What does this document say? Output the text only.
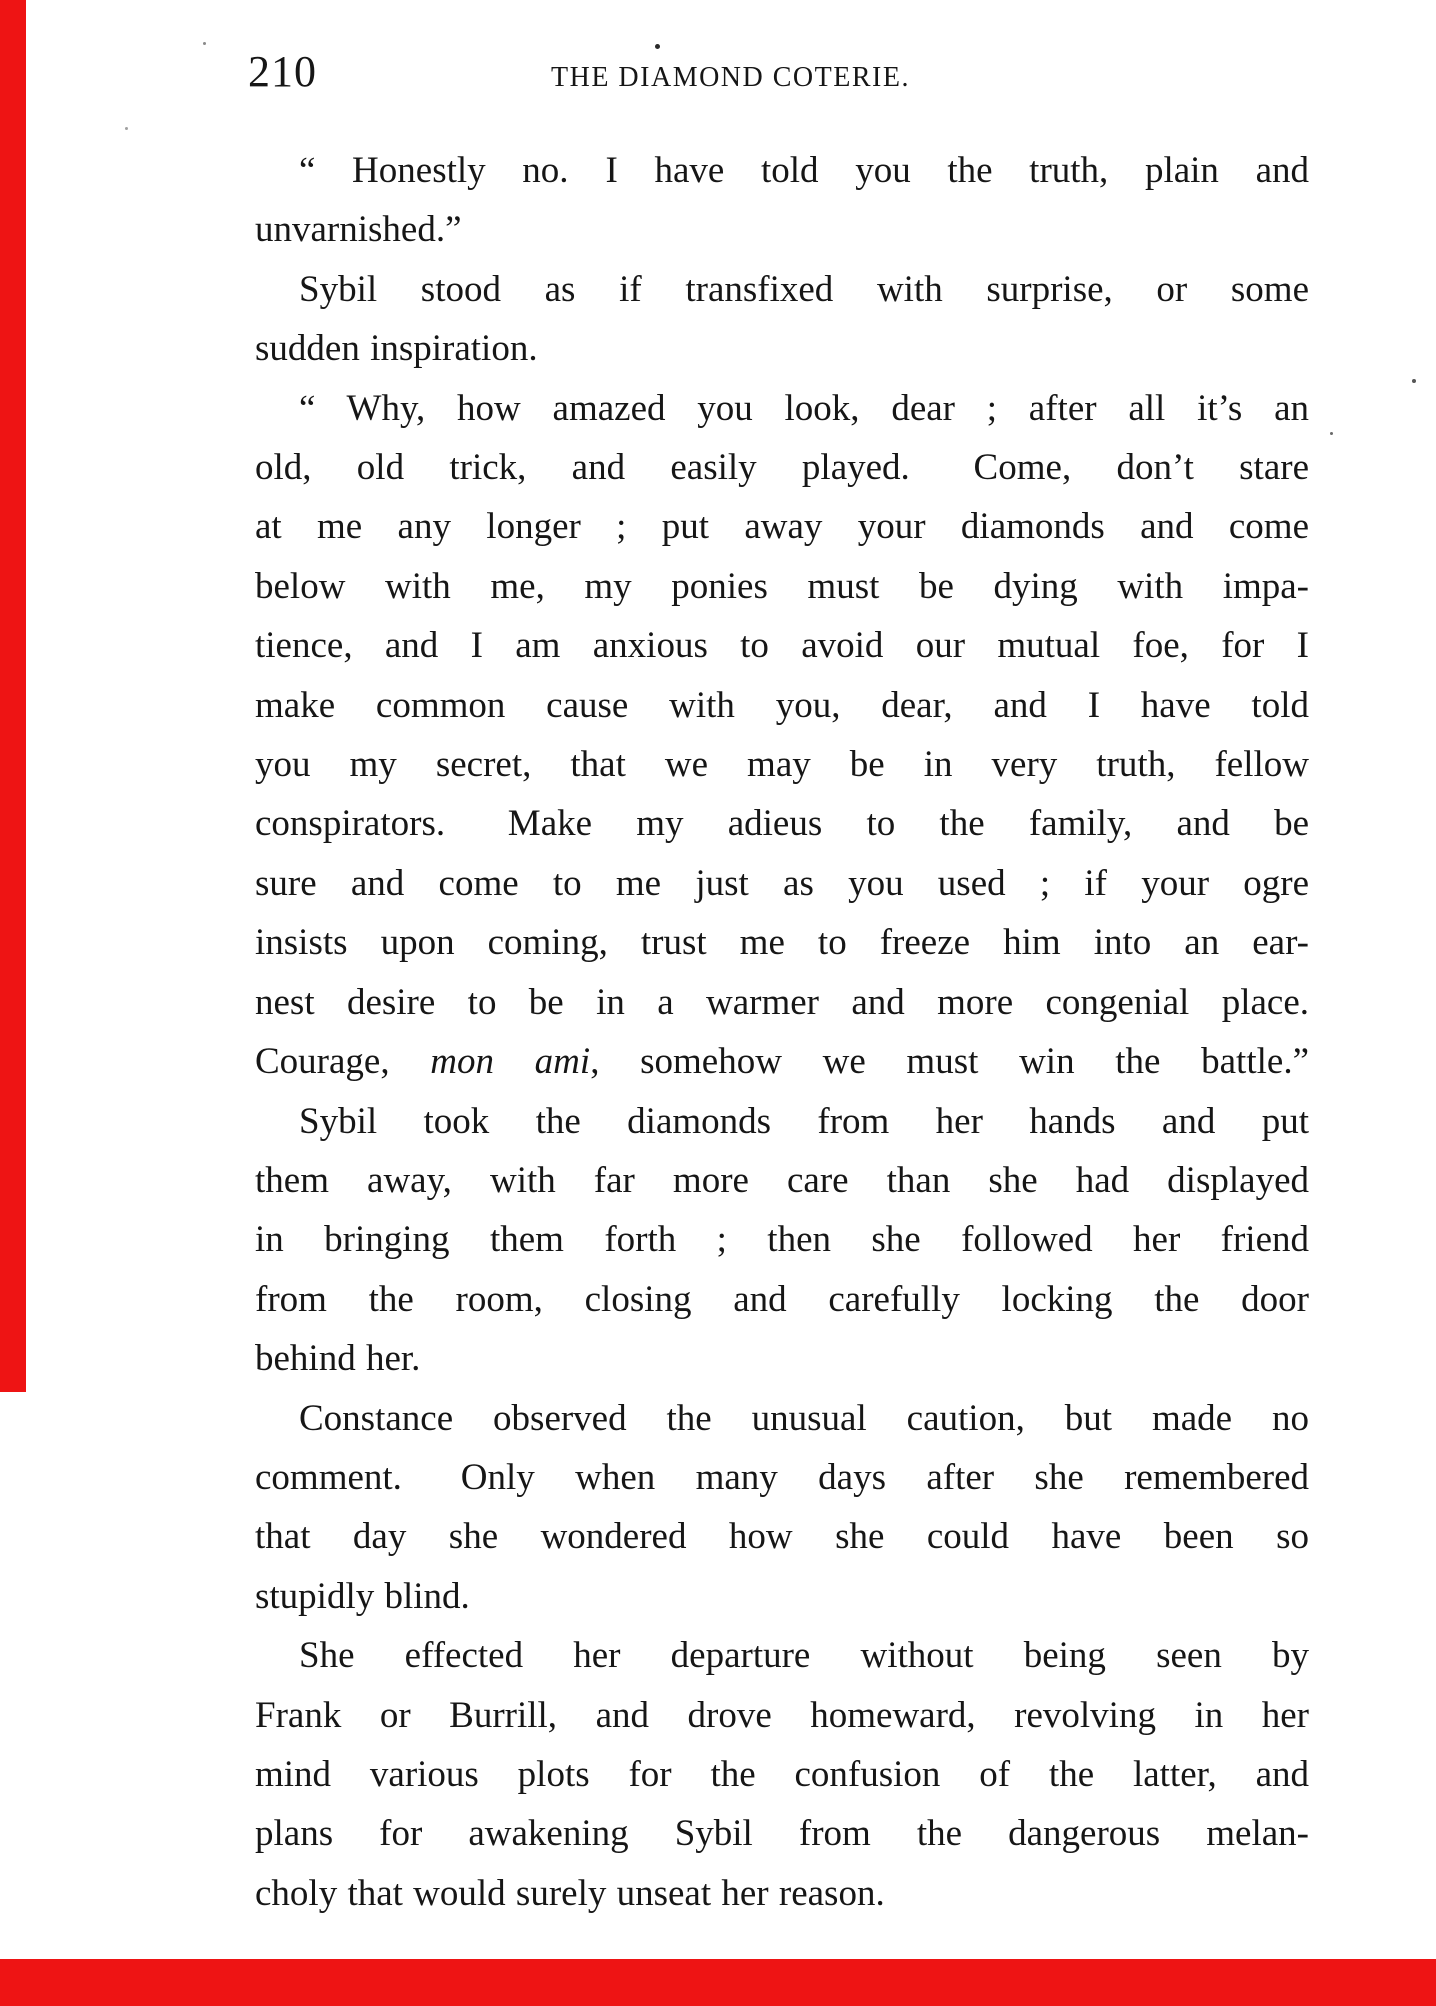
210	THE DIAMOND COTERIE.
“ Honestly no.  I have told you the truth, plain and
unvarnished.”
Sybil stood as if transfixed with surprise, or some
sudden inspiration.
“ Why, how amazed you look, dear ; after all it’s an
old, old trick, and easily played.  Come, don’t stare
at me any longer ; put away your diamonds and come
below with me, my ponies must be dying with impa-
tience, and I am anxious to avoid our mutual foe, for I
make common cause with you, dear, and I have told
you my secret, that we may be in very truth, fellow
conspirators.  Make my adieus to the family, and be
sure and come to me just as you used ; if your ogre
insists upon coming, trust me to freeze him into an ear-
nest desire to be in a warmer and more congenial place.
Courage, mon ami, somehow we must win the battle.”
Sybil took the diamonds from her hands and put
them away, with far more care than she had displayed
in bringing them forth ; then she followed her friend
from the room, closing and carefully locking the door
behind her.
Constance observed the unusual caution, but made no
comment.  Only when many days after she remembered
that day she wondered how she could have been so
stupidly blind.
She effected her departure without being seen by
Frank or Burrill, and drove homeward, revolving in her
mind various plots for the confusion of the latter, and
plans for awakening Sybil from the dangerous melan-
choly that would surely unseat her reason.
